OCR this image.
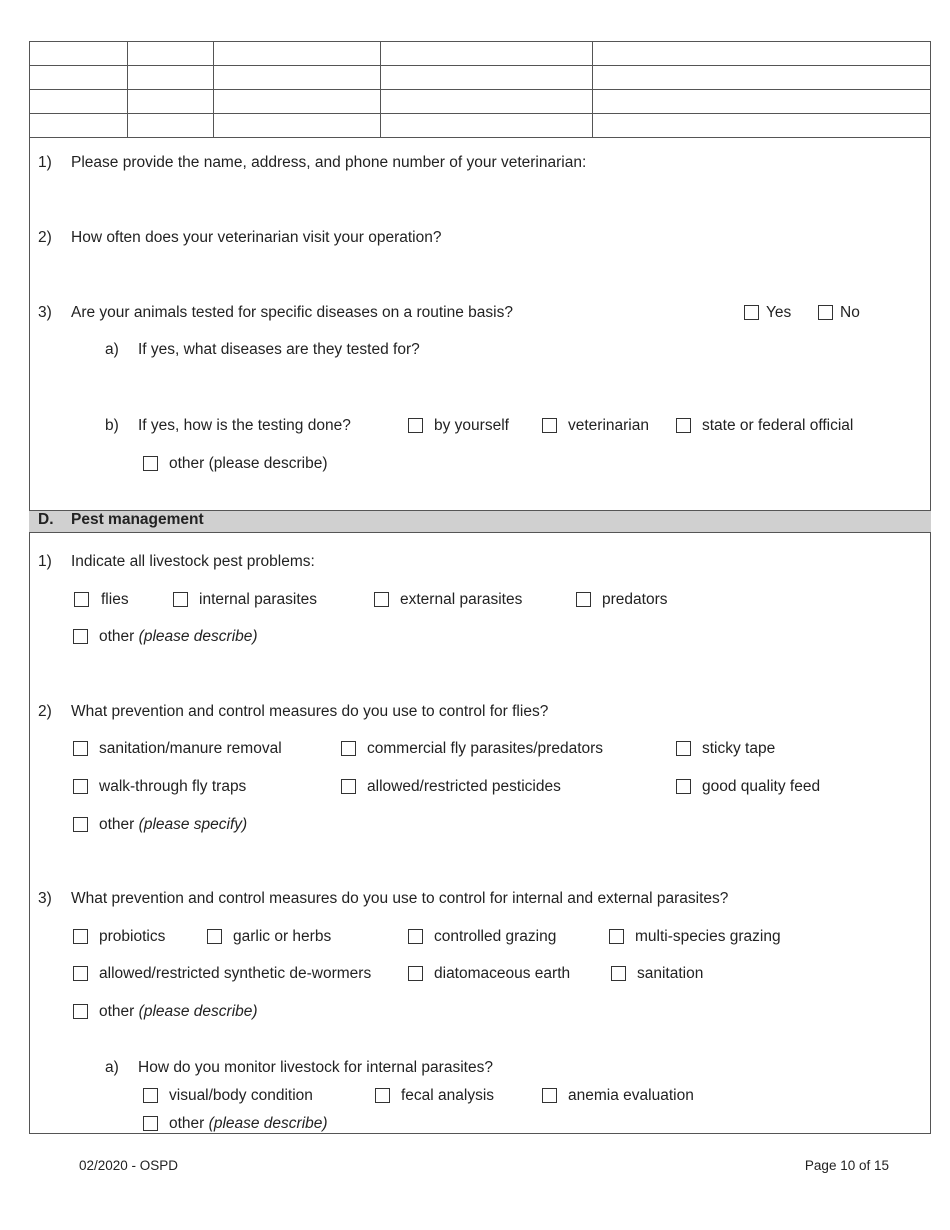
1) Please provide the name, address, and phone number of your veterinarian:
2) How often does your veterinarian visit your operation?
3) Are your animals tested for specific diseases on a routine basis?	Yes	No
a) If yes, what diseases are they tested for?
b) If yes, how is the testing done?	by yourself	veterinarian	state or federal official
other (please describe)
D. Pest management
1) Indicate all livestock pest problems:
flies	internal parasites	external parasites	predators
other (please describe)
2) What prevention and control measures do you use to control for flies?
sanitation/manure removal	commercial fly parasites/predators	sticky tape
walk-through fly traps	allowed/restricted pesticides	good quality feed
other (please specify)
3) What prevention and control measures do you use to control for internal and external parasites?
probiotics	garlic or herbs	controlled grazing	multi-species grazing
allowed/restricted synthetic de-wormers	diatomaceous earth	sanitation
other (please describe)
a) How do you monitor livestock for internal parasites?
visual/body condition	fecal analysis	anemia evaluation
other (please describe)
02/2020 - OSPD	Page 10 of 15
